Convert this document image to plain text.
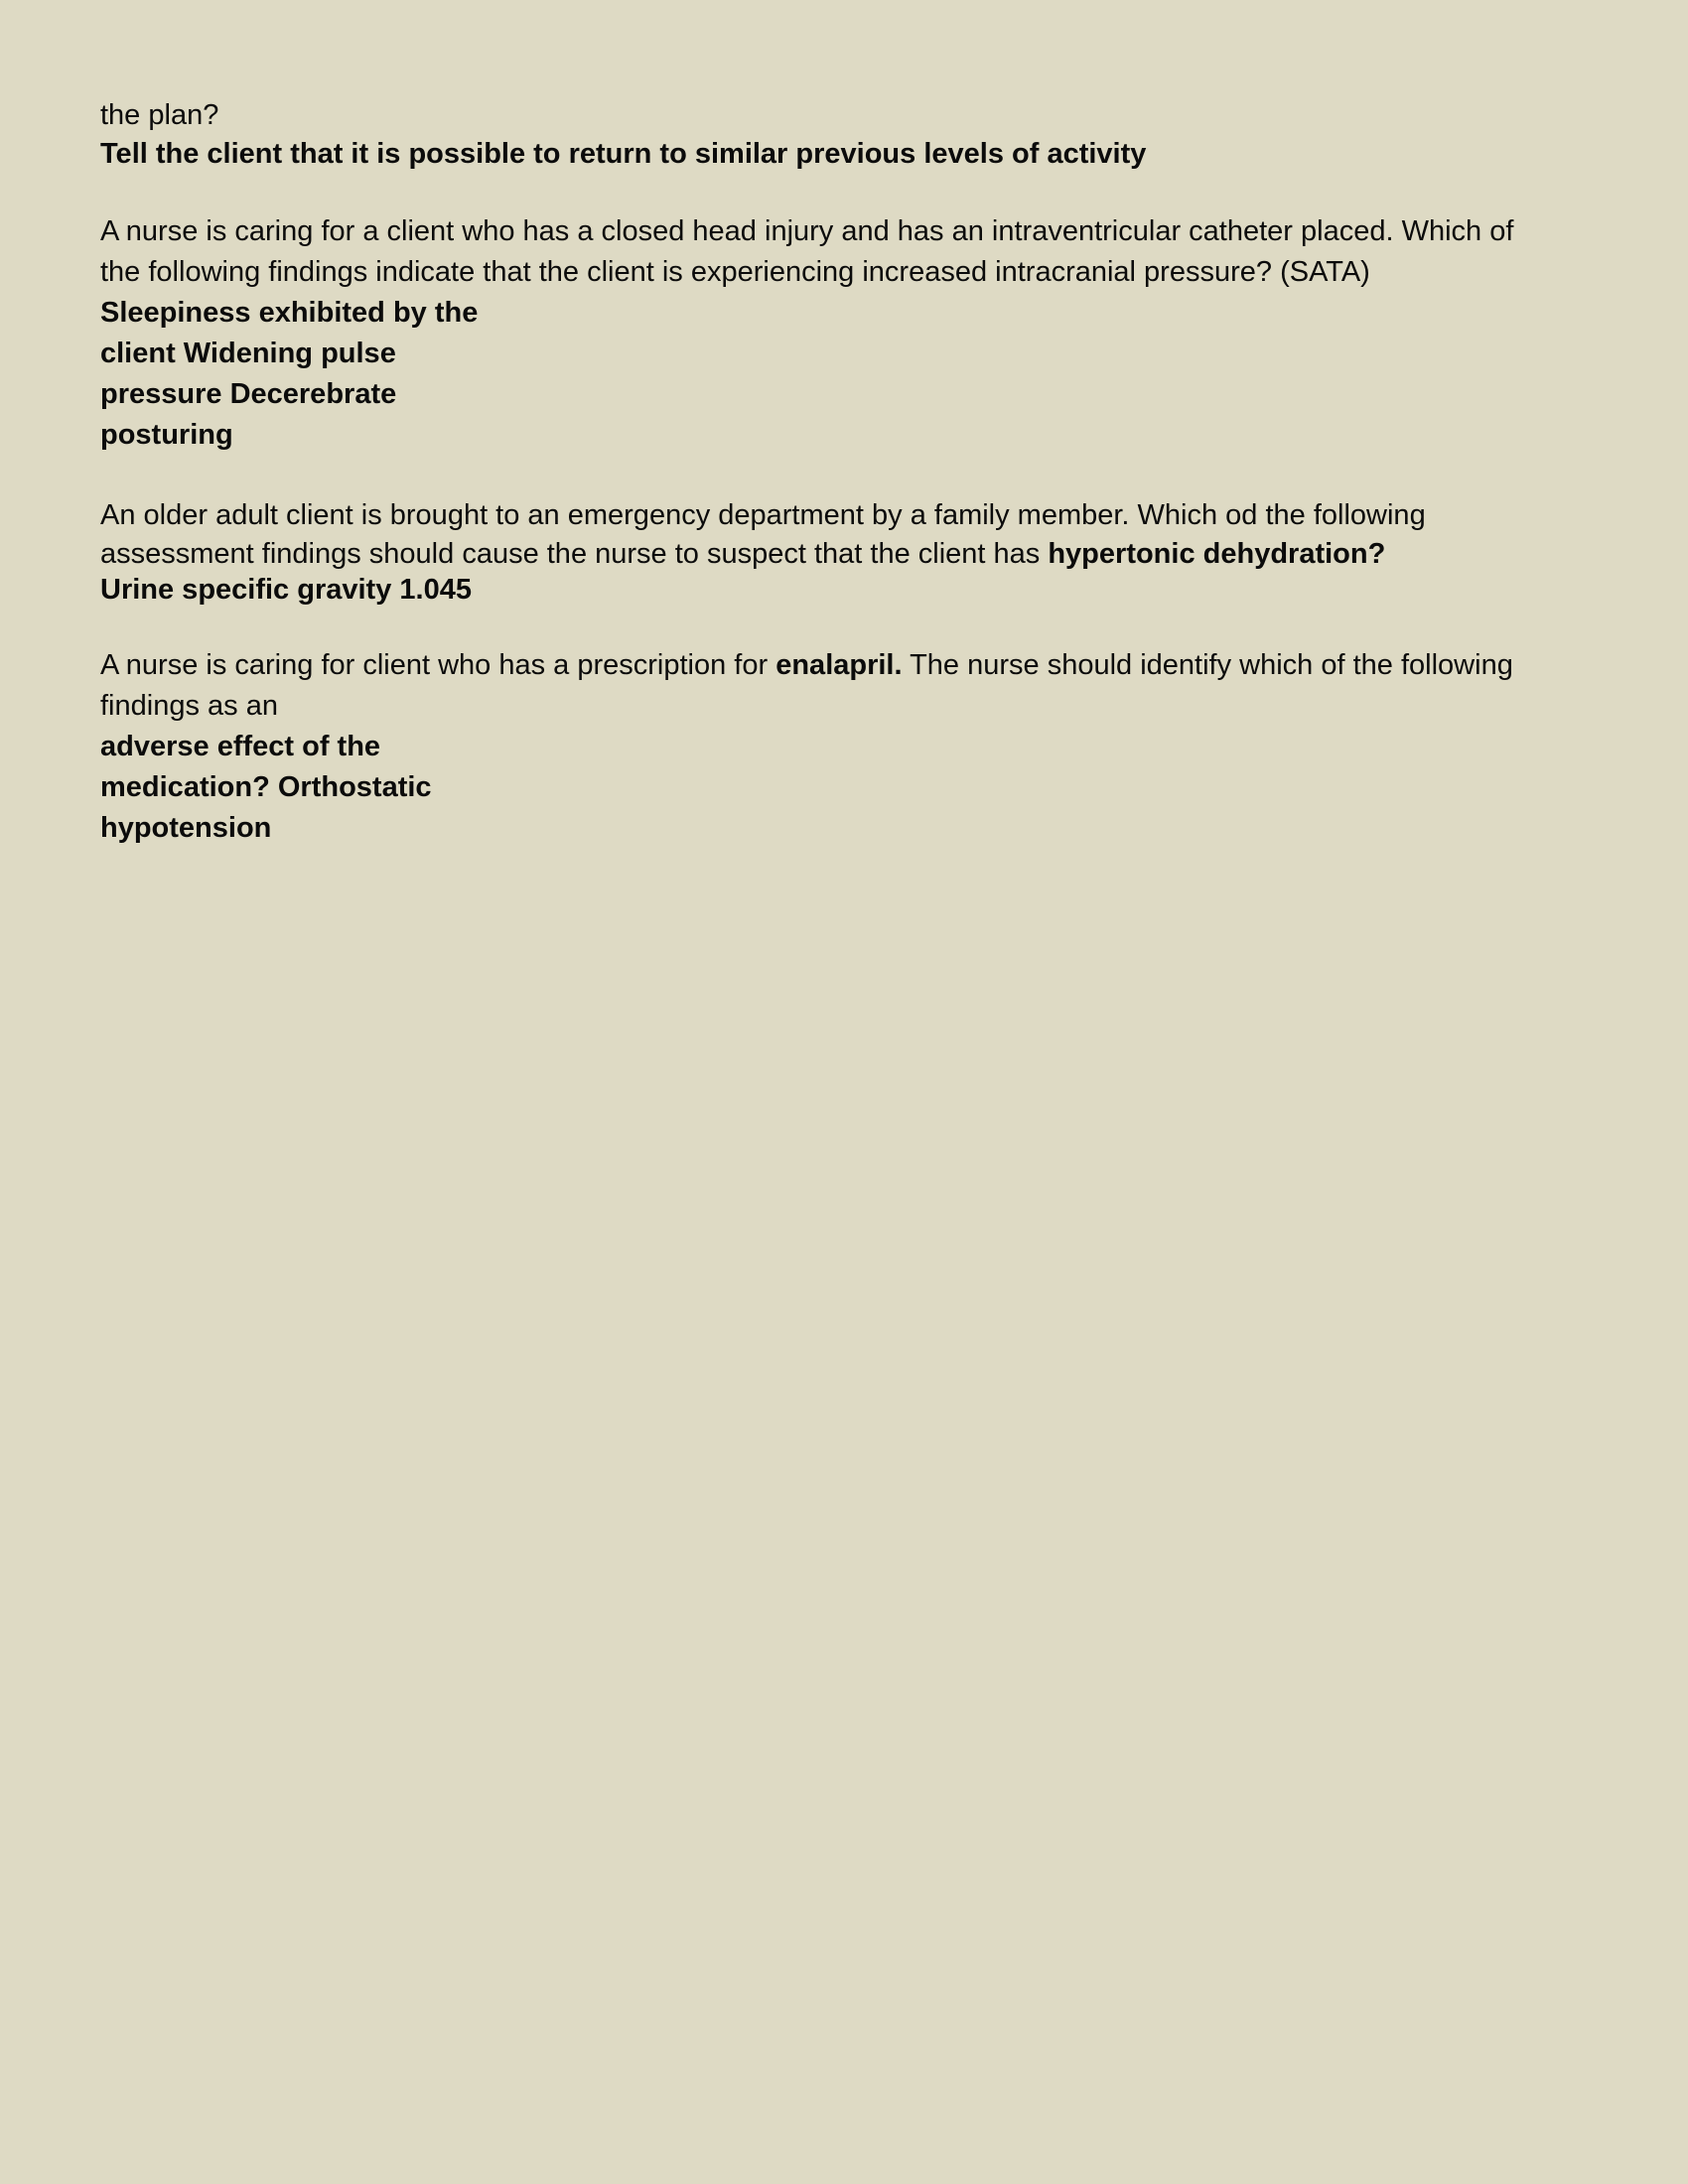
the plan?
Tell the client that it is possible to return to similar previous levels of activity
A nurse is caring for a client who has a closed head injury and has an intraventricular catheter placed. Which of
the following findings indicate that the client is experiencing increased intracranial pressure? (SATA)
Sleepiness exhibited by the
client Widening pulse
pressure Decerebrate
posturing
An older adult client is brought to an emergency department by a family member. Which od the following
assessment findings should cause the nurse to suspect that the client has hypertonic dehydration?
Urine specific gravity 1.045
A nurse is caring for client who has a prescription for enalapril. The nurse should identify which of the following
findings as an
adverse effect of the
medication? Orthostatic
hypotension
